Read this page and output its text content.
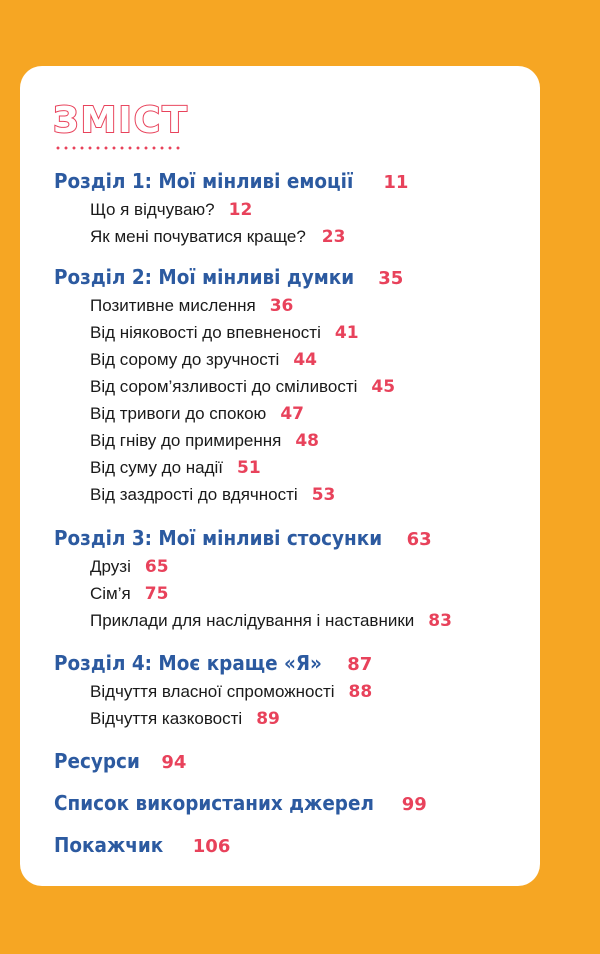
ЗМІСТ
Розділ 1: Мої мінливі емоції 11
Що я відчуваю? 12
Як мені почуватися краще? 23
Розділ 2: Мої мінливі думки 35
Позитивне мислення 36
Від ніяковості до впевненості 41
Від сорому до зручності 44
Від сором’язливості до сміливості 45
Від тривоги до спокою 47
Від гніву до примирення 48
Від суму до надії 51
Від заздрості до вдячності 53
Розділ 3: Мої мінливі стосунки 63
Друзі 65
Сім’я 75
Приклади для наслідування і наставники 83
Розділ 4: Моє краще «Я» 87
Відчуття власної спроможності 88
Відчуття казковості 89
Ресурси 94
Список використаних джерел 99
Покажчик 106
